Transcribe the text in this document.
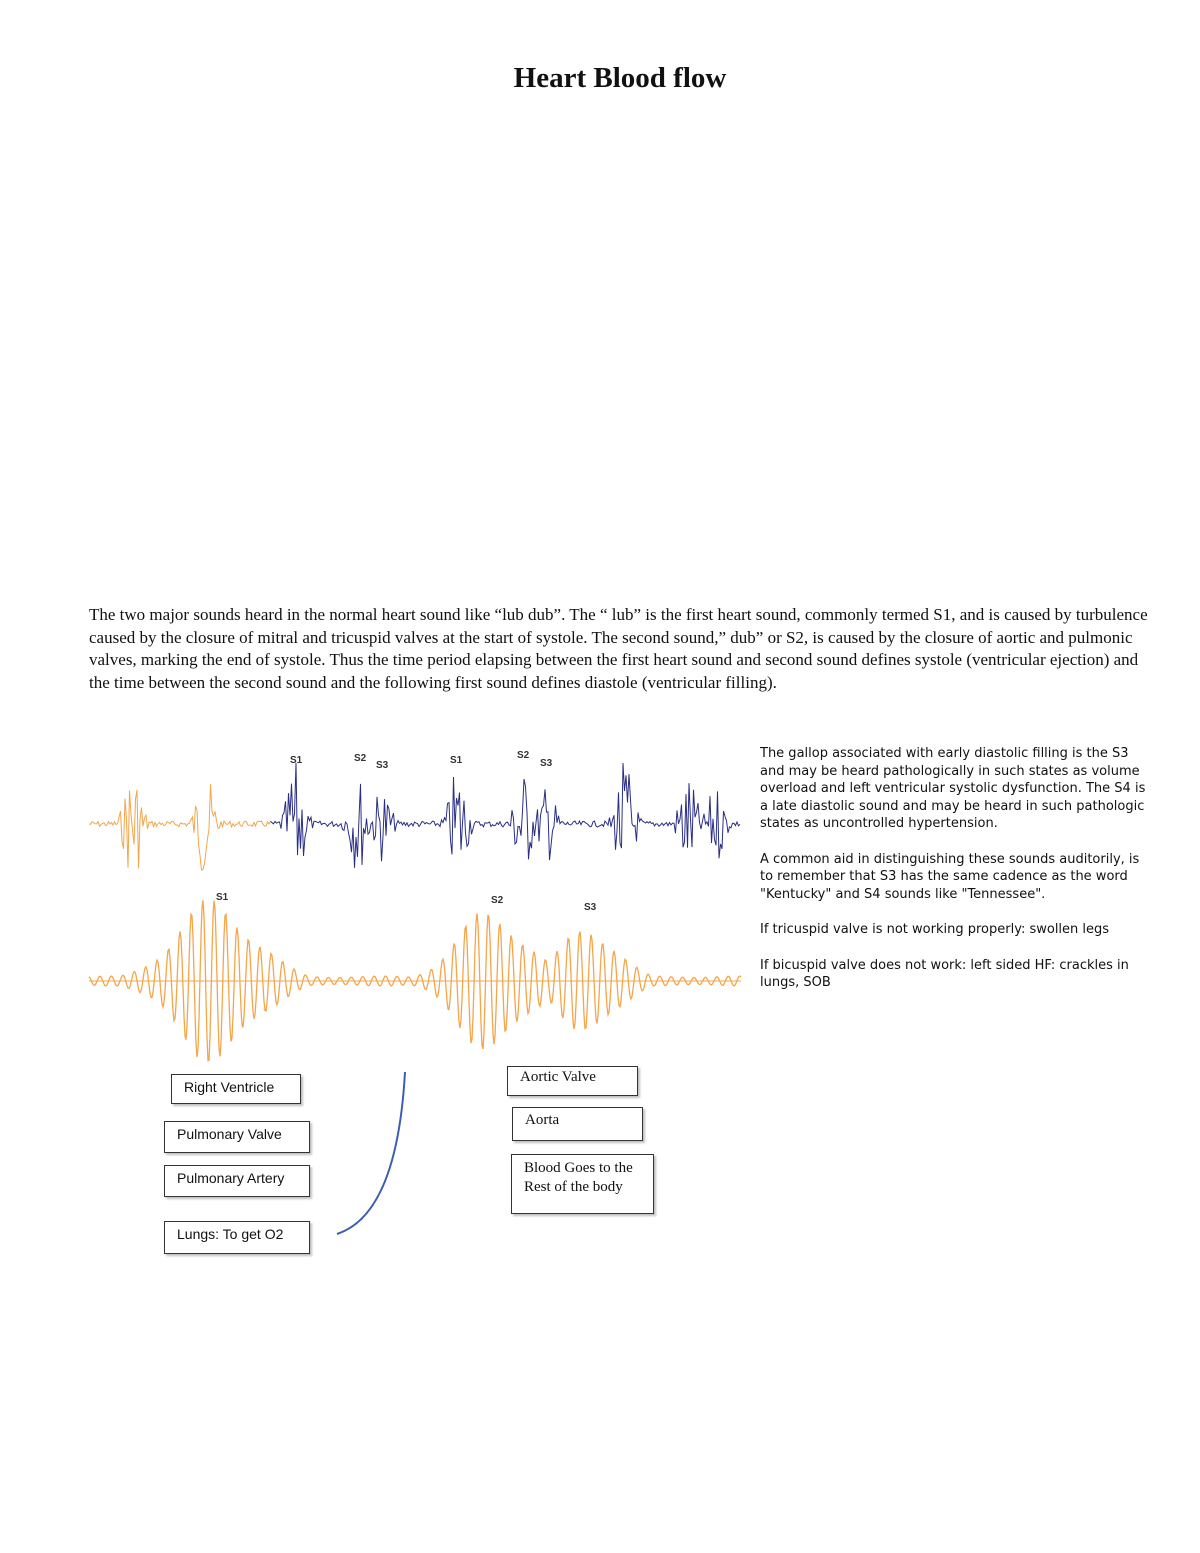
Heart Blood flow
S1	S2
S3	S1	S2
S3
S1	S2
S3
The two major sounds heard in the normal heart sound like “lub dub”. The “ lub” is the first heart sound, commonly termed S1, and is caused by turbulence caused by the closure of mitral and tricuspid valves at the start of systole. The second sound,” dub” or S2, is caused by the closure of aortic and pulmonic valves, marking the end of systole. Thus the time period elapsing between the first heart sound and second sound defines systole (ventricular ejection) and the time between the second sound and the following first sound defines diastole (ventricular filling).

The gallop associated with early diastolic filling is the S3 and may be heard pathologically in such states as volume overload and left ventricular systolic dysfunction. The S4 is a late diastolic sound and may be heard in such pathologic states as uncontrolled hypertension.

A common aid in distinguishing these sounds auditorily, is to remember that S3 has the same cadence as the word "Kentucky" and S4 sounds like "Tennessee".

If tricuspid valve is not working properly: swollen legs

If bicuspid valve does not work: left sided HF: crackles in lungs, SOB

Right Ventricle
Pulmonary Valve
Pulmonary Artery
Lungs: To get O2
Aortic Valve
Aorta
Blood Goes to the Rest of the body
